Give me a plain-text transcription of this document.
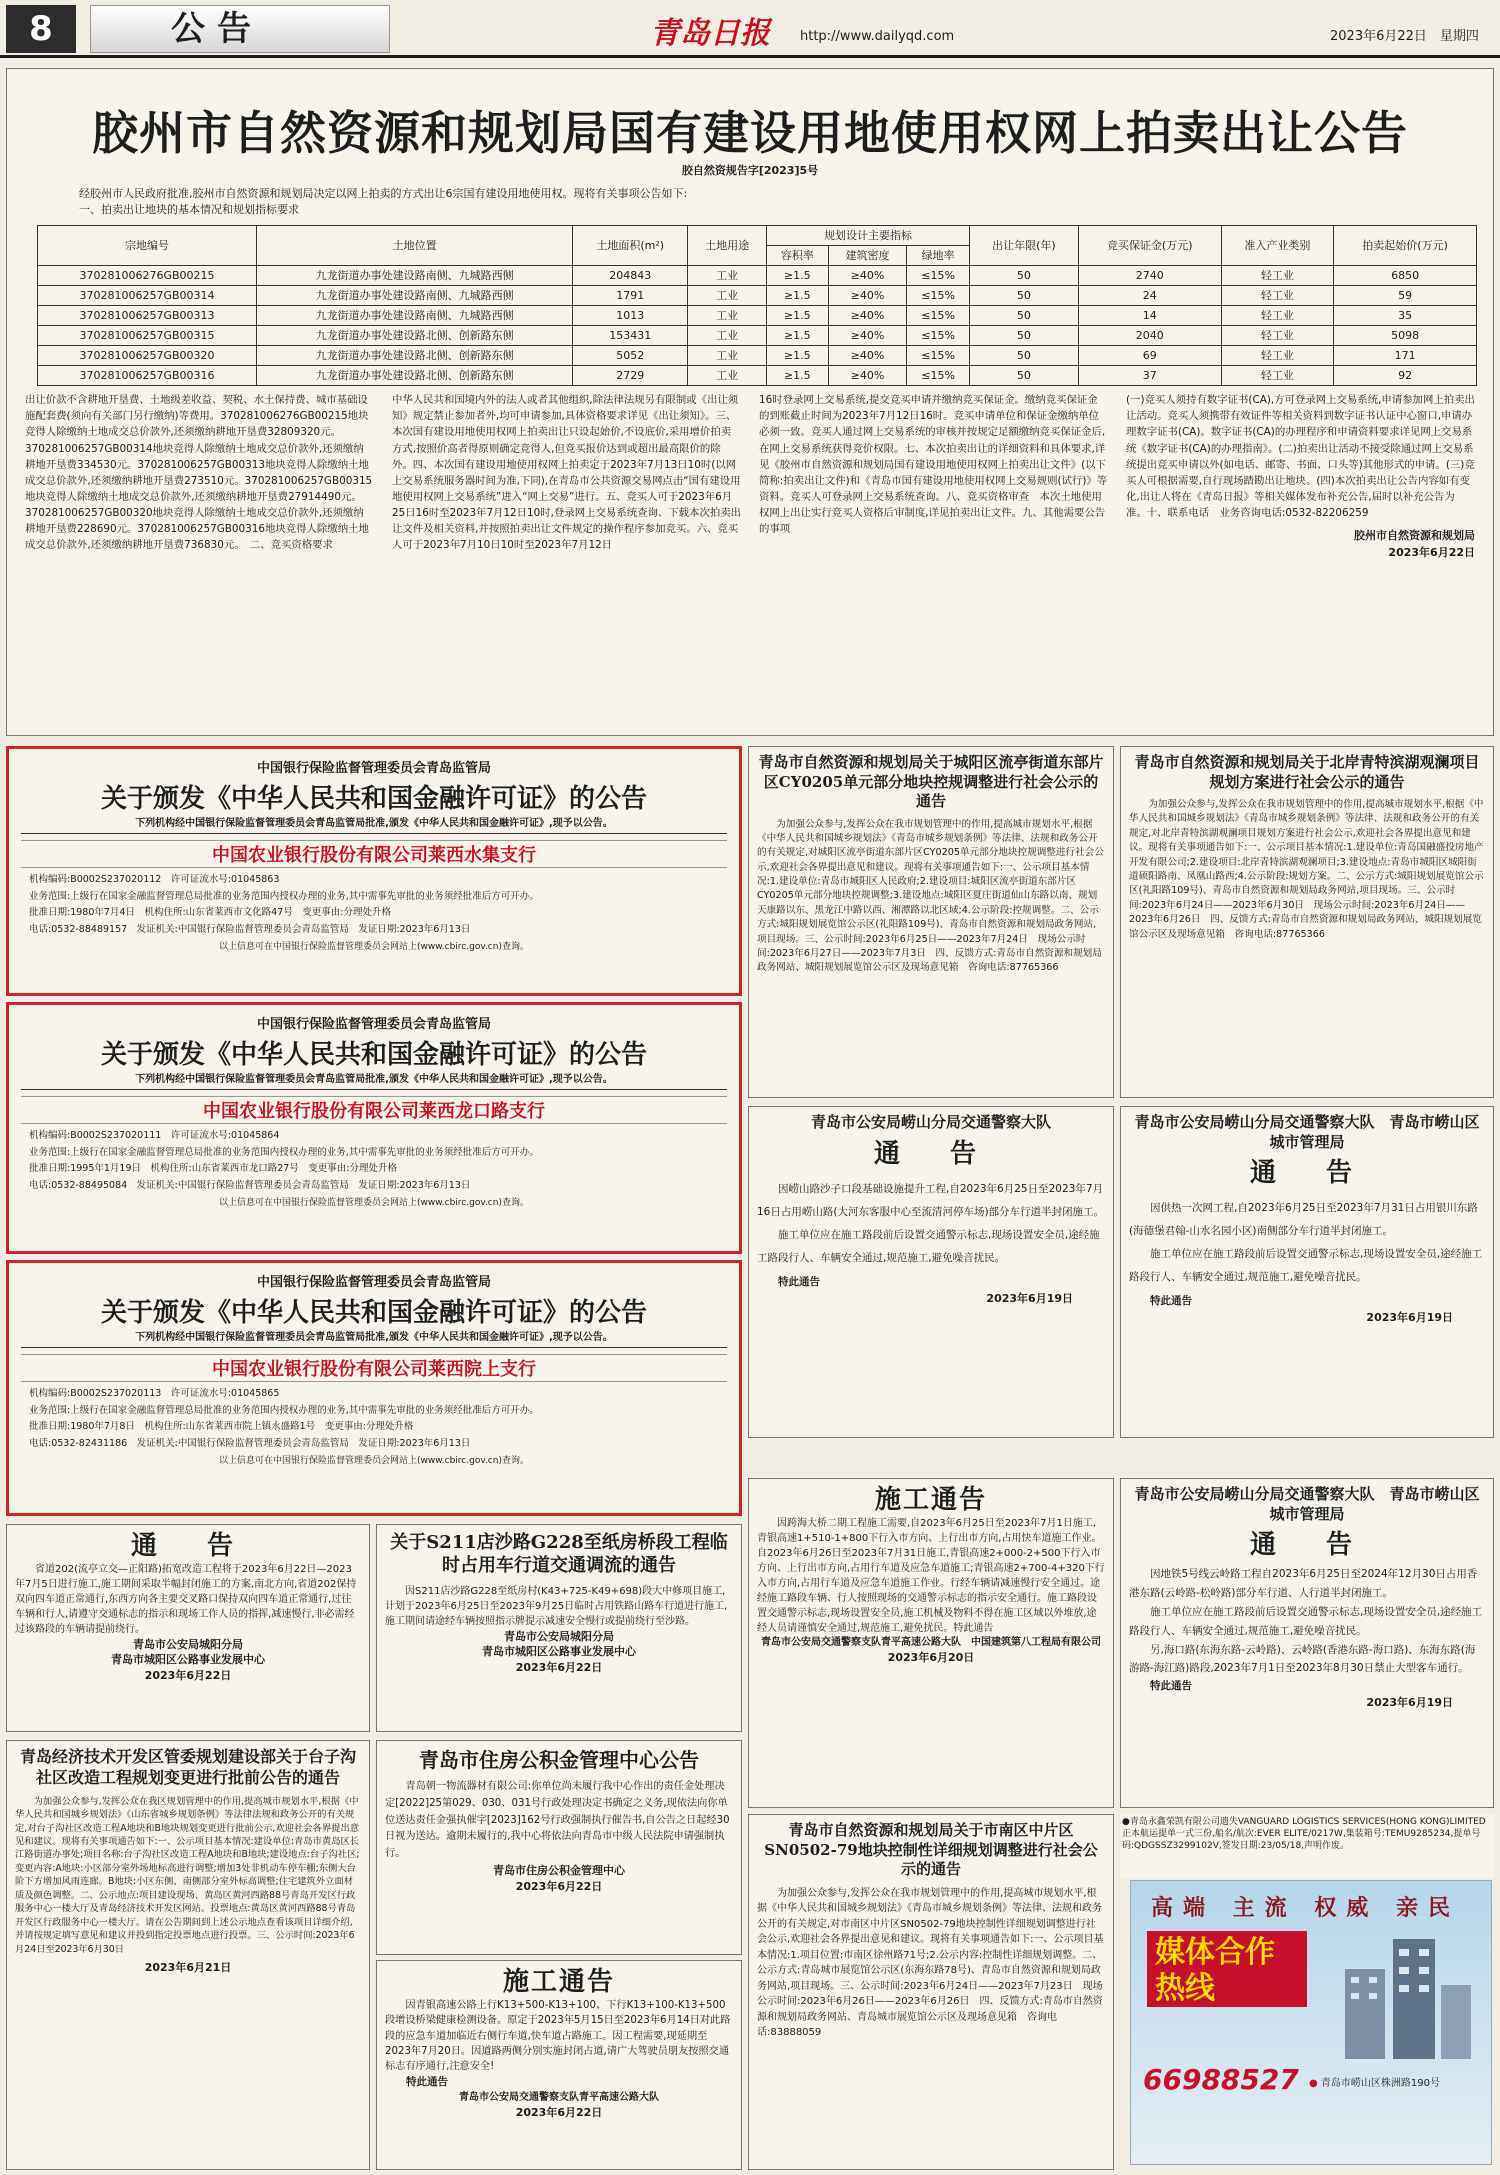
8	公告	青岛日报 http://www.dailyqd.com	2023年6月22日　星期四
胶州市自然资源和规划局国有建设用地使用权网上拍卖出让公告
胶自然资规告字[2023]5号
经胶州市人民政府批准,胶州市自然资源和规划局决定以网上拍卖的方式出让6宗国有建设用地使用权。现将有关事项公告如下:
一、拍卖出让地块的基本情况和规划指标要求
宗地编号	土地位置	土地面积(m²)	土地用途	规划设计主要指标			出让年限(年)	竞买保证金(万元)	准入产业类别	拍卖起始价(万元)
				容积率	建筑密度	绿地率				
370281006276GB00215	九龙街道办事处建设路南侧、九城路西侧	204843	工业	≥1.5	≥40%	≤15%	50	2740	轻工业	6850
370281006257GB00314	九龙街道办事处建设路南侧、九城路西侧	1791	工业	≥1.5	≥40%	≤15%	50	24	轻工业	59
370281006257GB00313	九龙街道办事处建设路南侧、九城路西侧	1013	工业	≥1.5	≥40%	≤15%	50	14	轻工业	35
370281006257GB00315	九龙街道办事处建设路北侧、创新路东侧	153431	工业	≥1.5	≥40%	≤15%	50	2040	轻工业	5098
370281006257GB00320	九龙街道办事处建设路北侧、创新路东侧	5052	工业	≥1.5	≥40%	≤15%	50	69	轻工业	171
370281006257GB00316	九龙街道办事处建设路北侧、创新路东侧	2729	工业	≥1.5	≥40%	≤15%	50	37	轻工业	92
出让价款不含耕地开垦费、土地级差收益、契税、水土保持费、城市基础设施配套费(须向有关部门另行缴纳)等费用。370281006276GB00215地块竞得人除缴纳土地成交总价款外,还须缴纳耕地开垦费32809320元。370281006257GB00314地块竞得人除缴纳土地成交总价款外,还须缴纳耕地开垦费334530元。370281006257GB00313地块竞得人除缴纳土地成交总价款外,还须缴纳耕地开垦费273510元。370281006257GB00315地块竞得人除缴纳土地成交总价款外,还须缴纳耕地开垦费27914490元。370281006257GB00320地块竞得人除缴纳土地成交总价款外,还须缴纳耕地开垦费228690元。370281006257GB00316地块竞得人除缴纳土地成交总价款外,还须缴纳耕地开垦费736830元。　二、竞买资格要求
中华人民共和国境内外的法人或者其他组织,除法律法规另有限制或《出让须知》规定禁止参加者外,均可申请参加,具体资格要求详见《出让须知》。三、本次国有建设用地使用权网上拍卖出让只设起始价,不设底价,采用增价拍卖方式,按照价高者得原则确定竞得人,但竞买报价达到或超出最高限价的除外。四、本次国有建设用地使用权网上拍卖定于2023年7月13日10时(以网上交易系统服务器时间为准,下同),在青岛市公共资源交易网点击“国有建设用地使用权网上交易系统”进入“网上交易”进行。五、竞买人可于2023年6月25日16时至2023年7月12日10时,登录网上交易系统查询、下载本次拍卖出让文件及相关资料,并按照拍卖出让文件规定的操作程序参加竞买。六、竞买人可于2023年7月10日10时至2023年7月12日
16时登录网上交易系统,提交竞买申请并缴纳竞买保证金。缴纳竞买保证金的到账截止时间为2023年7月12日16时。竞买申请单位和保证金缴纳单位必须一致。竞买人通过网上交易系统的审核并按规定足额缴纳竞买保证金后,在网上交易系统获得竞价权限。七、本次拍卖出让的详细资料和具体要求,详见《胶州市自然资源和规划局国有建设用地使用权网上拍卖出让文件》(以下简称:拍卖出让文件)和《青岛市国有建设用地使用权网上交易规则(试行)》等资料。竞买人可登录网上交易系统查询。八、竞买资格审查　本次土地使用权网上出让实行竞买人资格后审制度,详见拍卖出让文件。九、其他需要公告的事项
(一)竞买人须持有数字证书(CA),方可登录网上交易系统,申请参加网上拍卖出让活动。竞买人须携带有效证件等相关资料到数字证书认证中心窗口,申请办理数字证书(CA)。数字证书(CA)的办理程序和申请资料要求详见网上交易系统《数字证书(CA)的办理指南》。(二)拍卖出让活动不接受除通过网上交易系统提出竞买申请以外(如电话、邮寄、书面、口头等)其他形式的申请。(三)竞买人可根据需要,自行现场踏勘出让地块。(四)本次拍卖出让公告内容如有变化,出让人将在《青岛日报》等相关媒体发布补充公告,届时以补充公告为准。十、联系电话　业务咨询电话:0532-82206259
胶州市自然资源和规划局
2023年6月22日
中国银行保险监督管理委员会青岛监管局
关于颁发《中华人民共和国金融许可证》的公告
下列机构经中国银行保险监督管理委员会青岛监管局批准,颁发《中华人民共和国金融许可证》,现予以公告。
中国农业银行股份有限公司莱西水集支行
机构编码:B0002S237020112　许可证流水号:01045863
业务范围:上级行在国家金融监督管理总局批准的业务范围内授权办理的业务,其中需事先审批的业务须经批准后方可开办。
批准日期:1980年7月4日　机构住所:山东省莱西市文化路47号　变更事由:分理处升格
电话:0532-88489157　发证机关:中国银行保险监督管理委员会青岛监管局　发证日期:2023年6月13日
以上信息可在中国银行保险监督管理委员会网站上(www.cbirc.gov.cn)查询。
中国银行保险监督管理委员会青岛监管局
关于颁发《中华人民共和国金融许可证》的公告
下列机构经中国银行保险监督管理委员会青岛监管局批准,颁发《中华人民共和国金融许可证》,现予以公告。
中国农业银行股份有限公司莱西龙口路支行
机构编码:B0002S237020111　许可证流水号:01045864
业务范围:上级行在国家金融监督管理总局批准的业务范围内授权办理的业务,其中需事先审批的业务须经批准后方可开办。
批准日期:1995年1月19日　机构住所:山东省莱西市龙口路27号　变更事由:分理处升格
电话:0532-88495084　发证机关:中国银行保险监督管理委员会青岛监管局　发证日期:2023年6月13日
以上信息可在中国银行保险监督管理委员会网站上(www.cbirc.gov.cn)查询。
中国银行保险监督管理委员会青岛监管局
关于颁发《中华人民共和国金融许可证》的公告
下列机构经中国银行保险监督管理委员会青岛监管局批准,颁发《中华人民共和国金融许可证》,现予以公告。
中国农业银行股份有限公司莱西院上支行
机构编码:B0002S237020113　许可证流水号:01045865
业务范围:上级行在国家金融监督管理总局批准的业务范围内授权办理的业务,其中需事先审批的业务须经批准后方可开办。
批准日期:1980年7月8日　机构住所:山东省莱西市院上镇永盛路1号　变更事由:分理处升格
电话:0532-82431186　发证机关:中国银行保险监督管理委员会青岛监管局　发证日期:2023年6月13日
以上信息可在中国银行保险监督管理委员会网站上(www.cbirc.gov.cn)查询。
青岛市自然资源和规划局关于城阳区流亭街道东部片区CY0205单元部分地块控规调整进行社会公示的通告
为加强公众参与,发挥公众在我市规划管理中的作用,提高城市规划水平,根据《中华人民共和国城乡规划法》《青岛市城乡规划条例》等法律、法规和政务公开的有关规定,对城阳区流亭街道东部片区CY0205单元部分地块控规调整进行社会公示,欢迎社会各界提出意见和建议。现将有关事项通告如下:一、公示项目基本情况:1.建设单位:青岛市城阳区人民政府;2.建设项目:城阳区流亭街道东部片区CY0205单元部分地块控规调整;3.建设地点:城阳区夏庄街道仙山东路以南、规划天康路以东、黑龙江中路以西、湘潭路以北区域;4.公示阶段:控规调整。二、公示方式:城阳规划展览馆公示区(礼阳路109号)、青岛市自然资源和规划局政务网站,项目现场。三、公示时间:2023年6月25日——2023年7月24日　现场公示时间:2023年6月27日——2023年7月3日　四、反馈方式:青岛市自然资源和规划局政务网站、城阳规划展览馆公示区及现场意见箱　咨询电话:87765366
青岛市自然资源和规划局关于北岸青特滨湖观澜项目规划方案进行社会公示的通告
为加强公众参与,发挥公众在我市规划管理中的作用,提高城市规划水平,根据《中华人民共和国城乡规划法》《青岛市城乡规划条例》等法律、法规和政务公开的有关规定,对北岸青特滨湖观澜项目规划方案进行社会公示,欢迎社会各界提出意见和建议。现将有关事项通告如下:一、公示项目基本情况:1.建设单位:青岛国融盛投房地产开发有限公司;2.建设项目:北岸青特滨湖观澜项目;3.建设地点:青岛市城阳区城阳街道硕阳路南、凤凰山路西;4.公示阶段:规划方案。二、公示方式:城阳规划展览馆公示区(礼阳路109号)、青岛市自然资源和规划局政务网站,项目现场。三、公示时间:2023年6月24日——2023年6月30日　现场公示时间:2023年6月24日——2023年6月26日　四、反馈方式:青岛市自然资源和规划局政务网站、城阳规划展览馆公示区及现场意见箱　咨询电话:87765366
青岛市公安局崂山分局交通警察大队
通　告
因崂山路沙子口段基础设施提升工程,自2023年6月25日至2023年7月16日占用崂山路(大河东客服中心至流清河停车场)部分车行道半封闭施工。
施工单位应在施工路段前后设置交通警示标志,现场设置安全员,途经施工路段行人、车辆安全通过,规范施工,避免噪音扰民。
特此通告
2023年6月19日
青岛市公安局崂山分局交通警察大队　青岛市崂山区城市管理局
通　告
因供热一次网工程,自2023年6月25日至2023年7月31日占用银川东路(海德堡君翰-山水名园小区)南侧部分车行道半封闭施工。
施工单位应在施工路段前后设置交通警示标志,现场设置安全员,途经施工路段行人、车辆安全通过,规范施工,避免噪音扰民。
特此通告
2023年6月19日
施工通告
因跨海大桥二期工程施工需要,自2023年6月25日至2023年7月1日施工,青银高速1+510-1+800下行入市方向、上行出市方向,占用快车道施工作业。自2023年6月26日至2023年7月31日施工,青银高速2+000-2+500下行入市方向、上行出市方向,占用行车道及应急车道施工;青银高速2+700-4+320下行入市方向,占用行车道及应急车道施工作业。行经车辆请减速慢行安全通过。途经施工路段车辆、行人按照现场的交通警示标志的指示安全通行。施工路段设置交通警示标志,现场设置安全员,施工机械及物料不得在施工区域以外堆放,途经人员请谨慎安全通过,规范施工,避免扰民。特此通告
青岛市公安局交通警察支队青平高速公路大队　中国建筑第八工程局有限公司
2023年6月20日
青岛市公安局崂山分局交通警察大队　青岛市崂山区城市管理局
通　告
因地铁5号线云岭路工程自2023年6月25日至2024年12月30日占用香港东路(云岭路-松岭路)部分车行道、人行道半封闭施工。
施工单位应在施工路段前后设置交通警示标志,现场设置安全员,途经施工路段行人、车辆安全通过,规范施工,避免噪音扰民。
另,海口路(东海东路-云岭路)、云岭路(香港东路-海口路)、东海东路(海游路-海江路)路段,2023年7月1日至2023年8月30日禁止大型客车通行。
特此通告
2023年6月19日
通　告
省道202(流亭立交—正阳路)拓宽改造工程将于2023年6月22日—2023年7月5日进行施工,施工期间采取半幅封闭施工的方案,南北方向,省道202保持双向四车道正常通行,东西方向各主要交叉路口保持双向四车道正常通行,过往车辆和行人,请遵守交通标志的指示和现场工作人员的指挥,减速慢行,非必需经过该路段的车辆请提前绕行。
青岛市公安局城阳分局
青岛市城阳区公路事业发展中心
2023年6月22日
关于S211店沙路G228至纸房桥段工程临时占用车行道交通调流的通告
因S211店沙路G228至纸房村(K43+725-K49+698)段大中修项目施工,计划于2023年6月25日至2023年9月25日临时占用铁路山路车行道进行施工,施工期间请途经车辆按照指示牌提示减速安全慢行或提前绕行至沙路。
青岛市公安局城阳分局
青岛市城阳区公路事业发展中心
2023年6月22日
青岛经济技术开发区管委规划建设部关于台子沟社区改造工程规划变更进行批前公告的通告
为加强公众参与,发挥公众在我区规划管理中的作用,提高城市规划水平,根据《中华人民共和国城乡规划法》《山东省城乡规划条例》等法律法规和政务公开的有关规定,对台子沟社区改造工程A地块和B地块规划变更进行批前公示,欢迎社会各界提出意见和建议。现将有关事项通告如下:一、公示项目基本情况:建设单位:青岛市黄岛区长江路街道办事处;项目名称:台子沟社区改造工程A地块和B地块;建设地点:台子沟社区;变更内容:A地块:小区部分室外场地标高进行调整;增加3处非机动车停车棚;东侧大台阶下方增加风雨连廊。B地块:小区东侧、南侧部分室外标高调整;住宅建筑外立面材质及颜色调整。二、公示地点:项目建设现场、黄岛区黄河西路88号青岛开发区行政服务中心一楼大厅及青岛经济技术开发区网站。投票地点:黄岛区黄河西路88号青岛开发区行政服务中心一楼大厅。请在公告期间到上述公示地点查看该项目详细介绍,并请按规定填写意见和建议并投到指定投票地点进行投票。三、公示时间:2023年6月24日至2023年6月30日
2023年6月21日
青岛市住房公积金管理中心公告
青岛朝一物流器材有限公司:你单位尚未履行我中心作出的责任金处理决定[2022]25第029、030、031号行政处理决定书确定之义务,现依法向你单位送达责任金强执催字[2023]162号行政强制执行催告书,自公告之日起经30日视为送达。逾期未履行的,我中心将依法向青岛市中级人民法院申请强制执行。
青岛市住房公积金管理中心
2023年6月22日
施工通告
因青银高速公路上行K13+500-K13+100、下行K13+100-K13+500段增设桥梁健康检测设备。原定于2023年5月15日至2023年6月14日对此路段的应急车道加临近右侧行车道,快车道占路施工。因工程需要,现延期至2023年7月20日。因道路两侧分别实施封闭占道,请广大驾驶员朋友按照交通标志有序通行,注意安全!
特此通告
青岛市公安局交通警察支队青平高速公路大队
2023年6月22日
青岛市自然资源和规划局关于市南区中片区SN0502-79地块控制性详细规划调整进行社会公示的通告
为加强公众参与,发挥公众在我市规划管理中的作用,提高城市规划水平,根据《中华人民共和国城乡规划法》《青岛市城乡规划条例》等法律、法规和政务公开的有关规定,对市南区中片区SN0502-79地块控制性详细规划调整进行社会公示,欢迎社会各界提出意见和建议。现将有关事项通告如下:一、公示项目基本情况:1.项目位置:市南区徐州路71号;2.公示内容:控制性详细规划调整。二、公示方式:青岛城市展览馆公示区(东海东路78号)、青岛市自然资源和规划局政务网站,项目现场。三、公示时间:2023年6月24日——2023年7月23日　现场公示时间:2023年6月26日——2023年6月26日　四、反馈方式:青岛市自然资源和规划局政务网站、青岛城市展览馆公示区及现场意见箱　咨询电话:83888059
●青岛永鑫荣凯有限公司遗失VANGUARD LOGISTICS SERVICES(HONG KONG)LIMITED正本航运提单一式三份,船名/航次:EVER ELITE/0217W,集装箱号:TEMU9285234,提单号码:QDGSSZ3299102V,签发日期:23/05/18,声明作废。
高端 主流 权威 亲民
媒体合作热线
66988527 ● 青岛市崂山区株洲路190号
